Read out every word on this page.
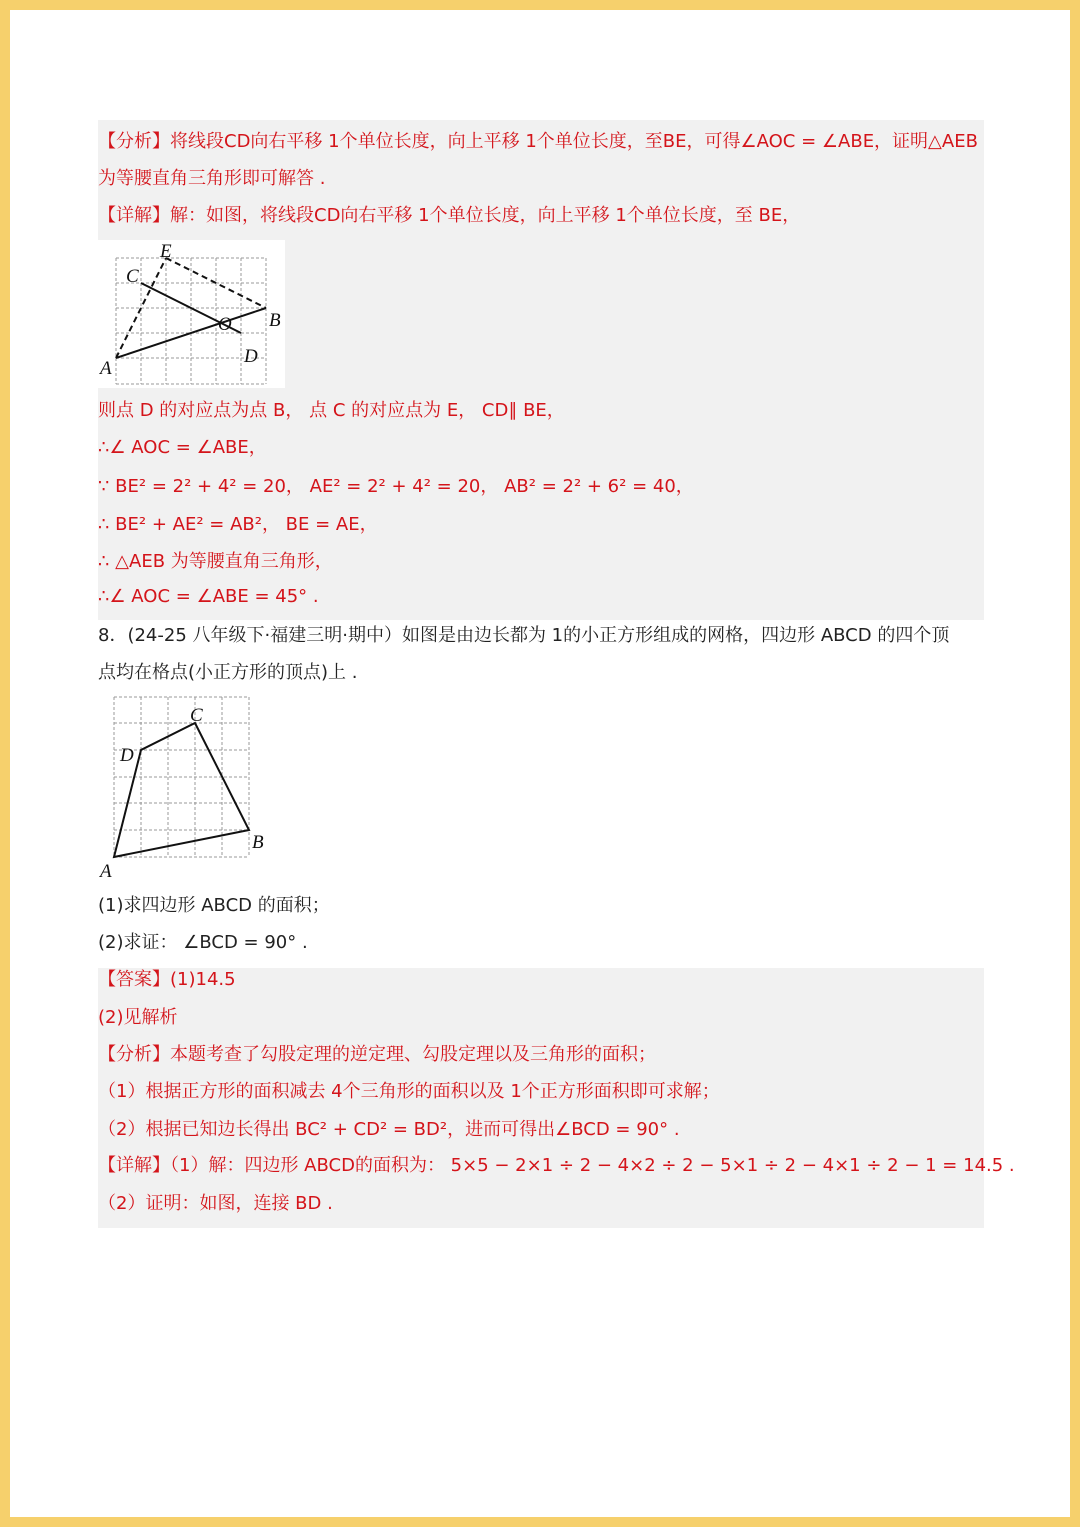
【分析】将线段CD向右平移 1个单位长度，向上平移 1个单位长度，至BE，可得∠AOC = ∠ABE，证明△AEB
为等腰直角三角形即可解答 .
【详解】解：如图，将线段CD向右平移 1个单位长度，向上平移 1个单位长度，至 BE，
E
C
O B
D
A
则点 D 的对应点为点 B， 点 C 的对应点为 E， CD∥ BE，
∴∠ AOC = ∠ABE，
∵ BE² = 2² + 4² = 20， AE² = 2² + 4² = 20， AB² = 2² + 6² = 40，
∴ BE² + AE² = AB²， BE = AE，
∴ △AEB 为等腰直角三角形，
∴∠ AOC = ∠ABE = 45° .
8．(24-25 八年级下·福建三明·期中）如图是由边长都为 1的小正方形组成的网格，四边形 ABCD 的四个顶
点均在格点(小正方形的顶点)上 .
C
D
B
A
(1)求四边形 ABCD 的面积；
(2)求证： ∠BCD = 90° .
【答案】(1)14.5
(2)见解析
【分析】本题考查了勾股定理的逆定理、勾股定理以及三角形的面积；
（1）根据正方形的面积减去 4个三角形的面积以及 1个正方形面积即可求解；
（2）根据已知边长得出 BC² + CD² = BD²，进而可得出∠BCD = 90° .
【详解】（1）解：四边形 ABCD的面积为： 5×5 − 2×1 ÷ 2 − 4×2 ÷ 2 − 5×1 ÷ 2 − 4×1 ÷ 2 − 1 = 14.5 .
（2）证明：如图，连接 BD .
